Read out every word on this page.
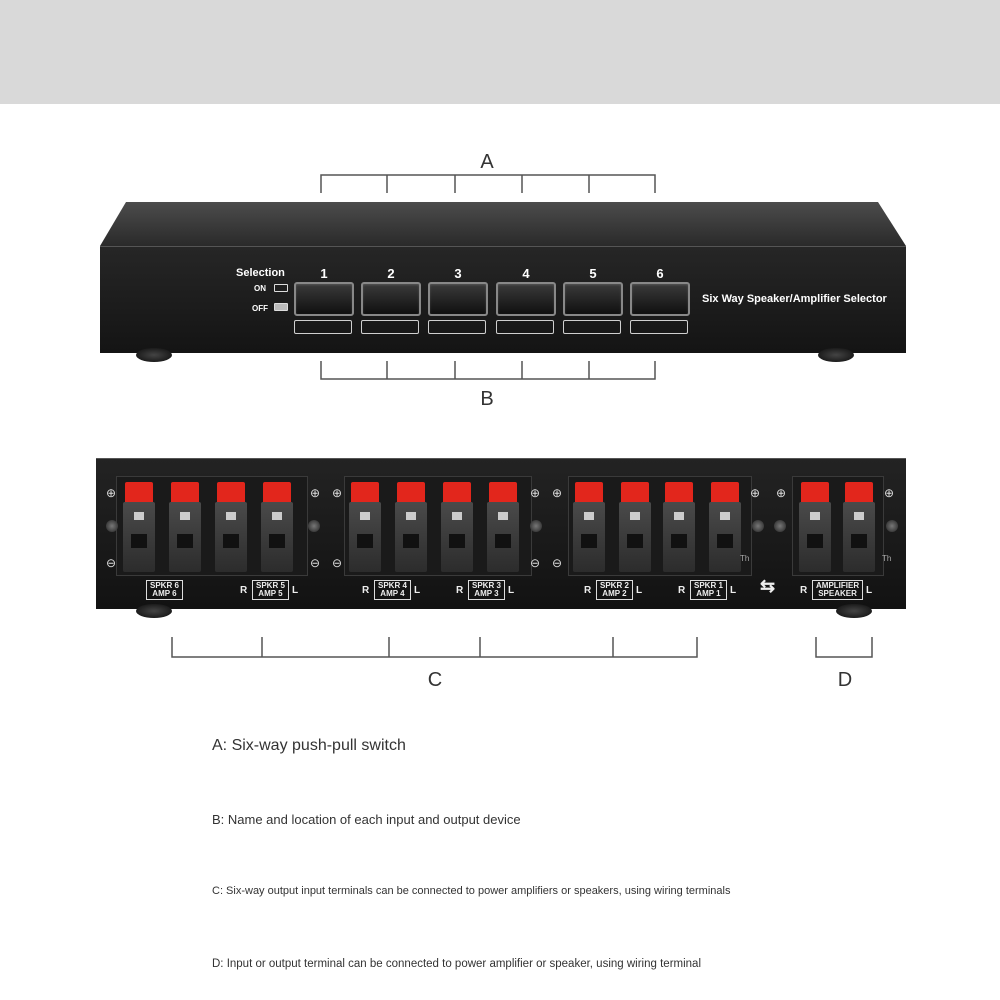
A
B
C	D
Selection
ON
OFF
1	2	3	4	5	6
Six Way Speaker/Amplifier Selector
⊕
⊖
⊕
⊖
⊕
⊖
⊕
⊖
⊕
⊖
⊕ ⊕	⊕
Th	Th
SPKR 6
AMP 6	R	SPKR 5
AMP 5 L	R	SPKR 4
AMP 4 L	R	SPKR 3
AMP 3 L	R	SPKR 2
AMP 2 L	R	SPKR 1
AMP 1 L ⇆ R	AMPLIFIER
SPEAKER L
A: Six-way push-pull switch
B: Name and location of each input and output device
C: Six-way output input terminals can be connected to power amplifiers or speakers, using wiring terminals
D: Input or output terminal can be connected to power amplifier or speaker, using wiring terminal
